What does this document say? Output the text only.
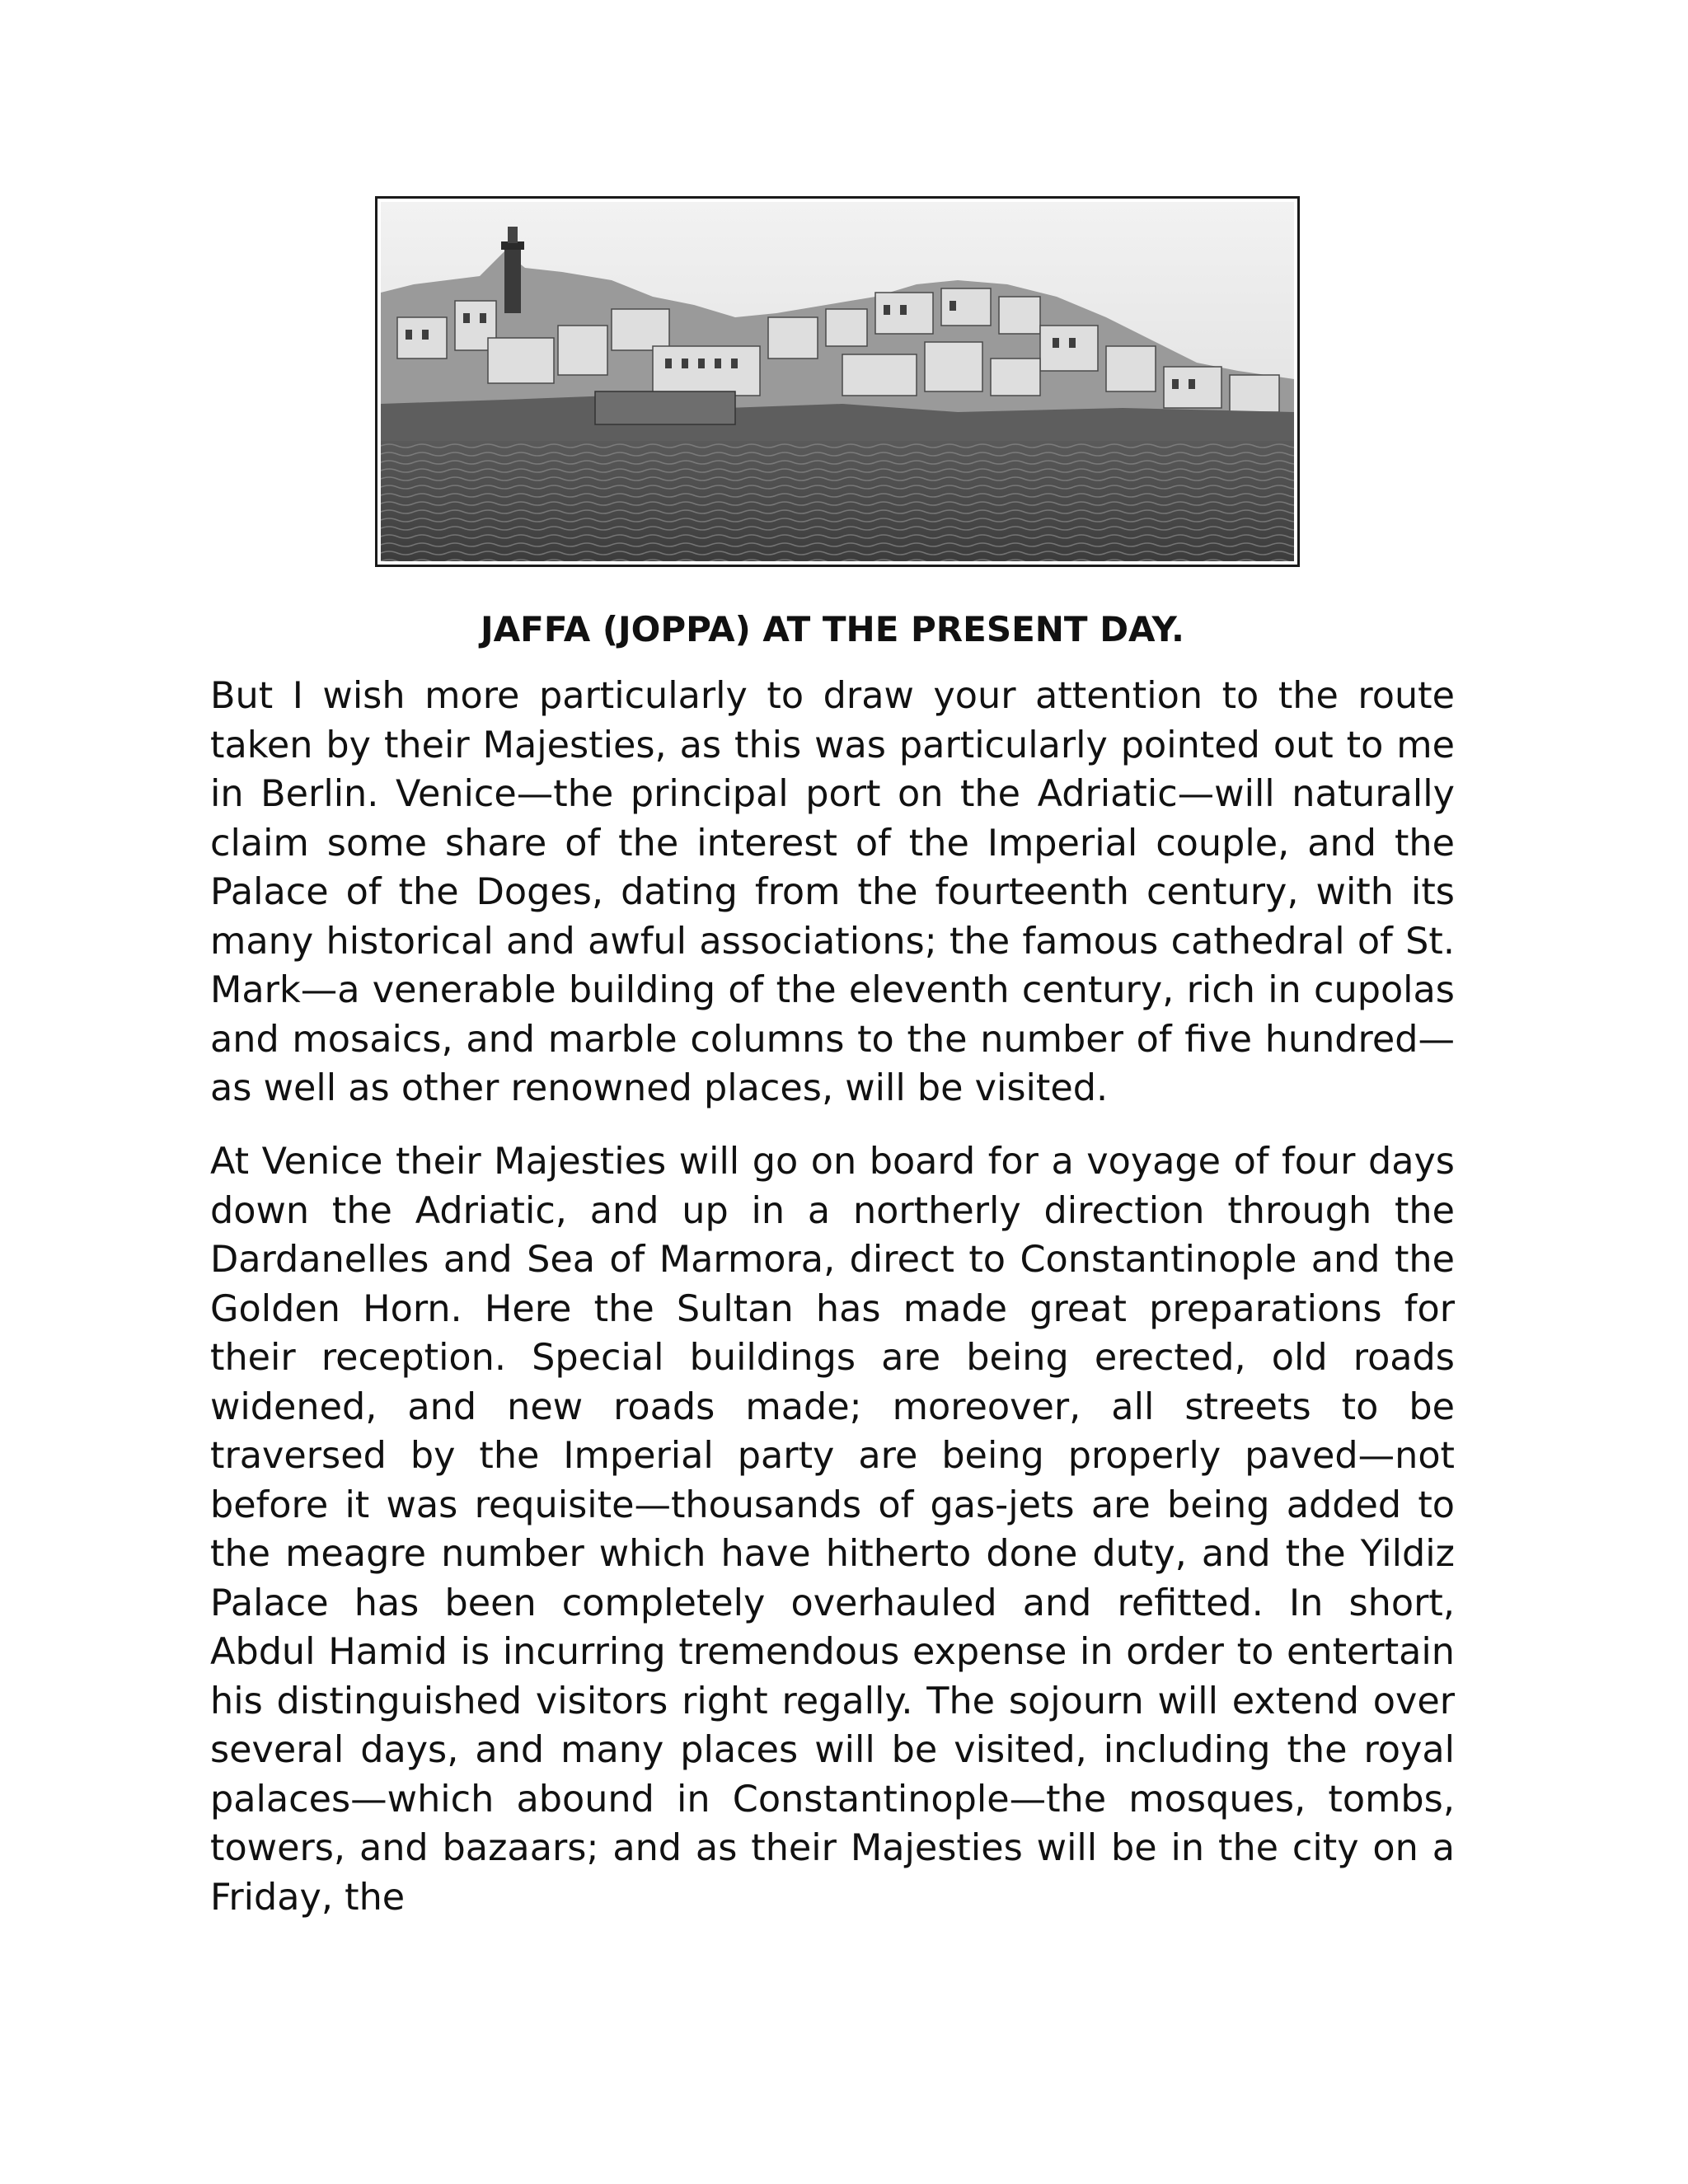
JAFFA (JOPPA) AT THE PRESENT DAY.

But I wish more particularly to draw your attention to the route taken by their Majesties, as this was particularly pointed out to me in Berlin. Venice—the principal port on the Adriatic—will naturally claim some share of the interest of the Imperial couple, and the Palace of the Doges, dating from the fourteenth century, with its many historical and awful associations; the famous cathedral of St. Mark—a venerable building of the eleventh century, rich in cupolas and mosaics, and marble columns to the number of five hundred—as well as other renowned places, will be visited.

At Venice their Majesties will go on board for a voyage of four days down the Adriatic, and up in a northerly direction through the Dardanelles and Sea of Marmora, direct to Constantinople and the Golden Horn. Here the Sultan has made great preparations for their reception. Special buildings are being erected, old roads widened, and new roads made; moreover, all streets to be traversed by the Imperial party are being properly paved—not before it was requisite—thousands of gas-jets are being added to the meagre number which have hitherto done duty, and the Yildiz Palace has been completely overhauled and refitted. In short, Abdul Hamid is incurring tremendous expense in order to entertain his distinguished visitors right regally. The sojourn will extend over several days, and many places will be visited, including the royal palaces—which abound in Constantinople—the mosques, tombs, towers, and bazaars; and as their Majesties will be in the city on a Friday, the
